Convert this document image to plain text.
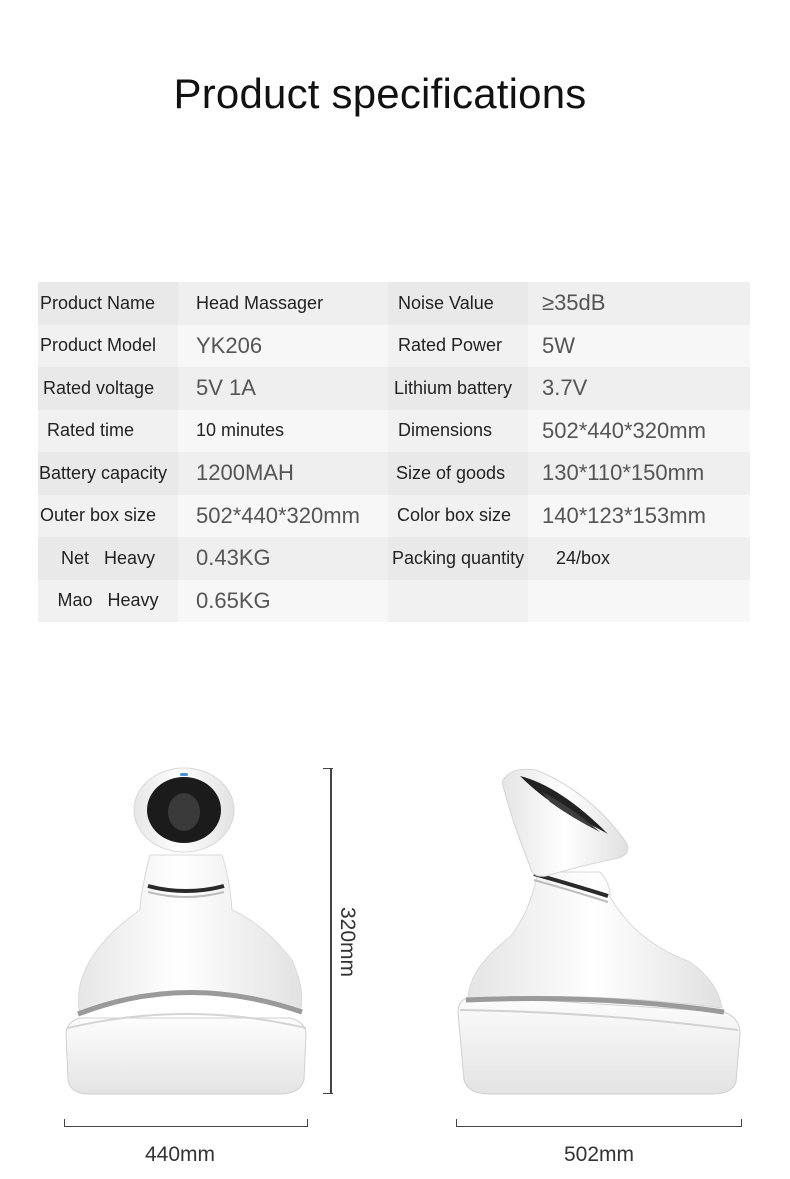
Product specifications
Product Name	Head Massager	Noise Value	≥35dB
Product Model	YK206	Rated Power	5W
Rated voltage	5V 1A	Lithium battery	3.7V
Rated time	10 minutes	Dimensions	502*440*320mm
Battery capacity	1200MAH	Size of goods	130*110*150mm
Outer box size	502*440*320mm	Color box size	140*123*153mm
Net   Heavy	0.43KG	Packing quantity	24/box
Mao   Heavy	0.65KG
320mm
440mm	502mm
